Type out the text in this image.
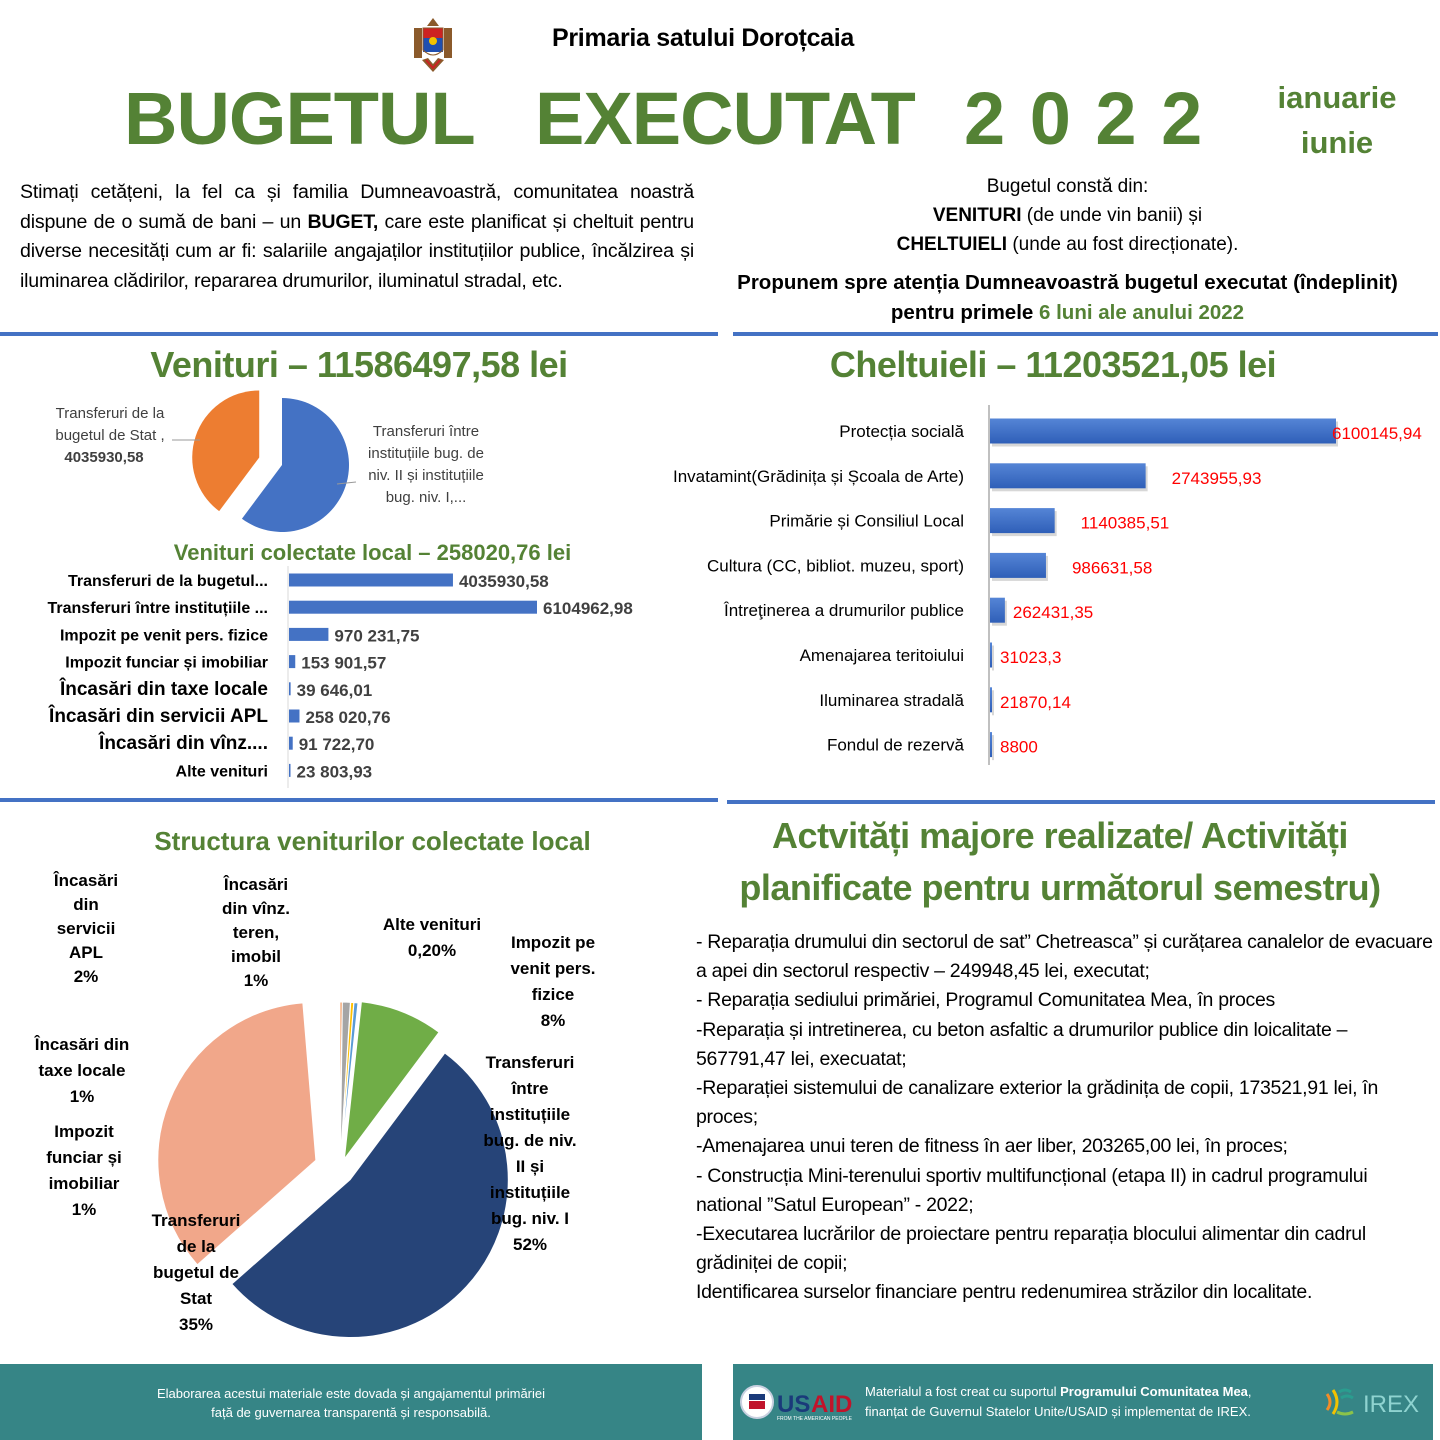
Primaria satului Doroțcaia
BUGETUL EXECUTAT 2 0 2 2 ianuarie
iunie
Stimați cetățeni, la fel ca și familia Dumneavoastră, comunitatea noastră dispune de o sumă de bani – un BUGET, care este planificat și cheltuit pentru diverse necesități cum ar fi: salariile angajaților instituțiilor publice, încălzirea și iluminarea clădirilor, repararea drumurilor, iluminatul stradal, etc.
Bugetul constă din:
VENITURI (de unde vin banii) și
CHELTUIELI (unde au fost direcționate).
Propunem spre atenția Dumneavoastră bugetul executat (îndeplinit) pentru primele 6 luni ale anului 2022
Venituri – 11586497,58 lei
Transferuri de la
bugetul de Stat ,
4035930,58
Transferuri între
instituțiile bug. de
niv. II și instituțiile
bug. niv. I,...
Venituri colectate local – 258020,76 lei
Transferuri de la bugetul...	4035930,58
Transferuri între instituțiile ...	6104962,98
Impozit pe venit pers. fizice	970 231,75
Impozit funciar și imobiliar 153 901,57
Încasări din taxe locale 39 646,01
Încasări din servicii APL 258 020,76
Încasări din vînz.... 91 722,70
Alte venituri 23 803,93
Cheltuieli – 11203521,05 lei
Protecția socială	6100145,94
Invatamint(Grădinița și Școala de Arte)	2743955,93
Primărie și Consiliul Local	1140385,51
Cultura (CC, bibliot. muzeu, sport)	986631,58
Întreţinerea a drumurilor publice	262431,35
Amenajarea teritoiului 31023,3
Iluminarea stradală 21870,14
Fondul de rezervă 8800
Structura veniturilor colectate local
Încasări
din
servicii
APL
2%
Încasări
din vînz.
teren,
imobil
1%
Alte venituri
0,20%	Impozit pe
venit pers.
fizice
8%
Încasări din
taxe locale
1%
Impozit
funciar și
imobiliar
1%
Transferuri
între
instituțiile
bug. de niv.
II și
instituțiile
bug. niv. I
52%
Transferuri
de la
bugetul de
Stat
35%
Actvități majore realizate/ Activități planificate pentru următorul semestru)
- Reparația drumului din sectorul de sat” Chetreasca” și curățarea canalelor de evacuare a apei din sectorul respectiv – 249948,45 lei, executat;
- Reparația sediului primăriei, Programul Comunitatea Mea, în proces
-Reparația și intretinerea, cu beton asfaltic a drumurilor publice din loicalitate – 567791,47 lei, execuatat;
-Reparației sistemului de canalizare exterior la grădinița de copii, 173521,91 lei, în proces;
-Amenajarea unui teren de fitness în aer liber, 203265,00 lei, în proces;
- Construcția Mini-terenului sportiv multifuncțional (etapa II) in cadrul programului national ”Satul European” - 2022;
-Executarea lucrărilor de proiectare pentru reparația blocului alimentar din cadrul grădiniței de copii;
Identificarea surselor financiare pentru redenumirea străzilor din localitate.
Elaborarea acestui materiale este dovada și angajamentul primăriei
față de guvernarea transparentă și responsabilă.	US AID
FROM THE AMERICAN PEOPLE
Materialul a fost creat cu suportul Programului Comunitatea Mea,
finanțat de Guvernul Statelor Unite/USAID și implementat de IREX.	IREX
